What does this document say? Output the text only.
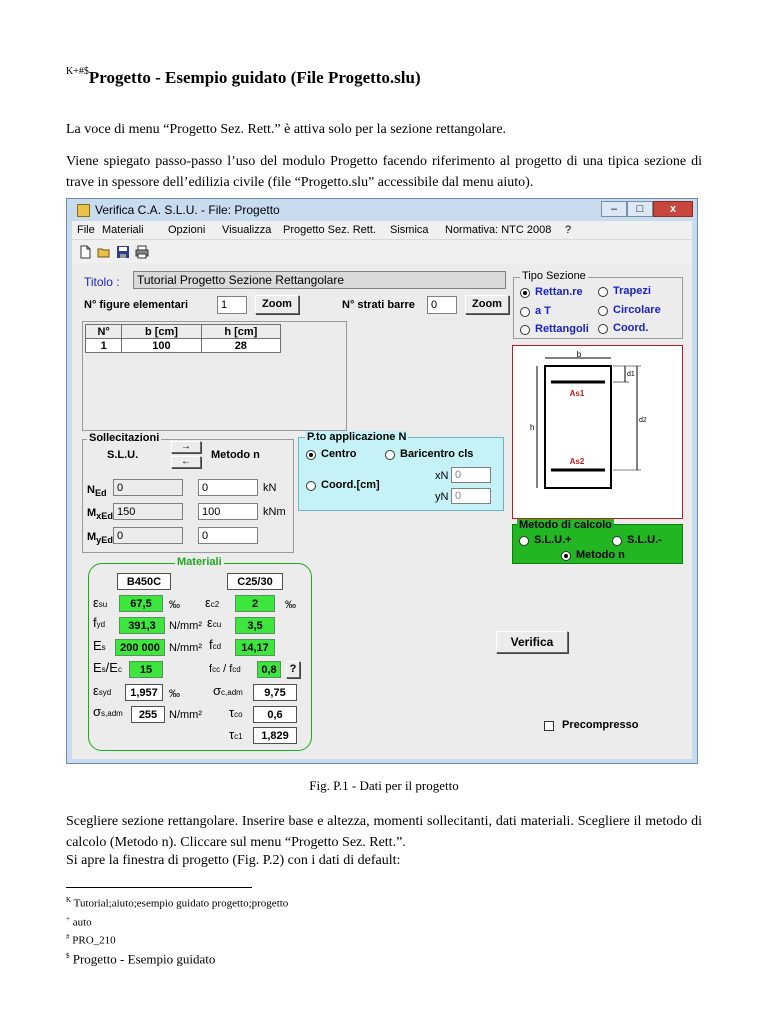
$^{K+\#\$}$Progetto - Esempio guidato (File Progetto.slu)
La voce di menu “Progetto Sez. Rett.” è attiva solo per la sezione rettangolare.
Viene spiegato passo-passo l’uso del modulo Progetto facendo riferimento al progetto di una tipica sezione di trave in spessore dell’edilizia civile (file “Progetto.slu” accessibile dal menu aiuto).
Verifica C.A. S.L.U. - File: Progetto	–	□	x
File Materiali Opzioni Visualizza Progetto Sez. Rett. Sismica Normativa: NTC 2008 ?
Titolo :	Tutorial Progetto Sezione Rettangolare
N° figure elementari	1	Zoom	N° strati barre	0	Zoom
N°	b [cm]	h [cm]
1	100	28
Tipo Sezione
Rettan.re	Trapezi
a T	Circolare
Rettangoli Coord.
b
h
d1
d2
As1
As2
Sollecitazioni
S.L.U.
→
←
Metodo n
$N_{Ed}$ 0	0	kN
$M_{xEd}$ 150	100	kNm
$M_{yEd}$ 0	0
P.to applicazione N
Centro	Baricentro cls
Coord.[cm]
xN 0
yN 0
Metodo di calcolo
S.L.U.+	S.L.U.-
Metodo n
Materiali
B450C	C25/30
εsu	67,5	‰ εc2	2	‰
fyd	391,3	N/mm² εcu	3,5
Es	200 000 N/mm² fcd	14,17
Es/Ec	15	fcc / fcd	0,8	?
εsyd	1,957	‰	σc,adm	9,75
σs,adm	255	N/mm² τco	0,6
τc1	1,829
Verifica
Precompresso
Fig. P.1 - Dati per il progetto
Scegliere sezione rettangolare. Inserire base e altezza, momenti sollecitanti, dati materiali. Scegliere il metodo di calcolo (Metodo n). Cliccare sul menu “Progetto Sez. Rett.”.
Si apre la finestra di progetto (Fig. P.2) con i dati di default:
$^K$ Tutorial;aiuto;esempio guidato progetto;progetto
+ auto
# PRO_210
$ Progetto - Esempio guidato
